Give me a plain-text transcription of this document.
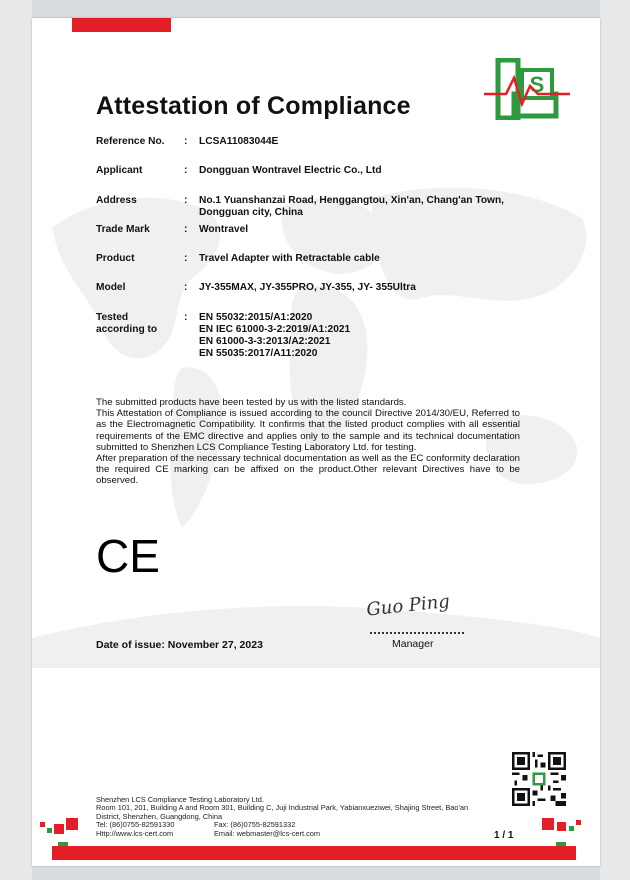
S
Attestation of Compliance
Reference No.	: LCSA11083044E
Applicant	: Dongguan Wontravel Electric Co., Ltd
Address	: No.1 Yuanshanzai Road, Henggangtou, Xin'an, Chang'an Town,
Dongguan city, China
Trade Mark	: Wontravel
Product	: Travel Adapter with Retractable cable
Model	: JY-355MAX, JY-355PRO, JY-355, JY- 355Ultra
Tested according to
: EN 55032:2015/A1:2020
EN IEC 61000-3-2:2019/A1:2021
EN 61000-3-3:2013/A2:2021
EN 55035:2017/A11:2020

The submitted products have been tested by us with the listed standards.

This Attestation of Compliance is issued according to the council Directive 2014/30/EU, Referred to as the Electromagnetic Compatibility. It confirms that the listed product complies with all essential requirements of the EMC directive and applies only to the sample and its technical documentation submitted to Shenzhen LCS Compliance Testing Laboratory Ltd. for testing.

After preparation of the necessary technical documentation as well as the EC conformity declaration the required CE marking can be affixed on the product.Other relevant Directives have to be observed.

CE
Guo Ping
Manager
Date of issue: November 27, 2023
Shenzhen LCS Compliance Testing Laboratory Ltd.
Room 101, 201, Building A and Room 301, Building C, Juji Industrial Park, Yabianxueziwei, Shajing Street, Bao'an
District, Shenzhen, Guangdong, China
Tel: (86)0755-82591330	Fax: (86)0755-82591332
Http://www.lcs-cert.com	Email: webmaster@lcs-cert.com	1 / 1
